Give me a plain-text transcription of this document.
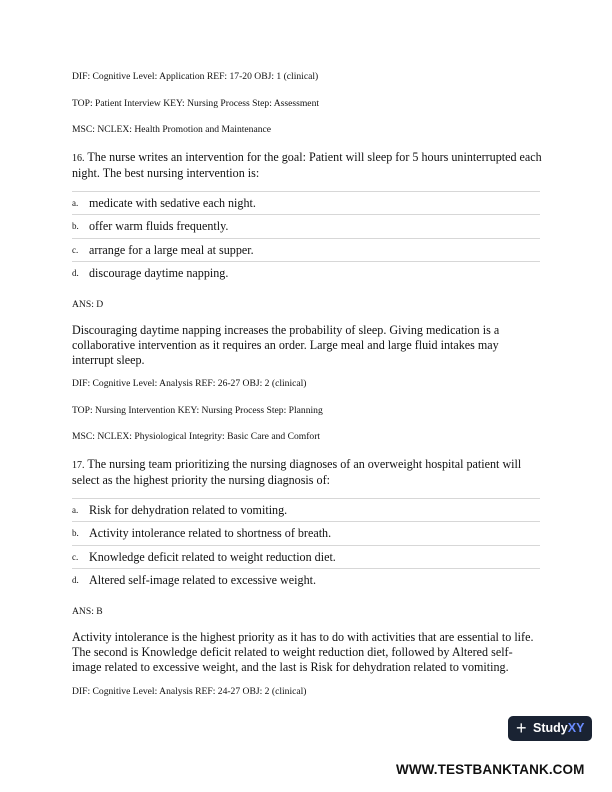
DIF: Cognitive Level: Application REF: 17-20 OBJ: 1 (clinical)
TOP: Patient Interview KEY: Nursing Process Step: Assessment
MSC: NCLEX: Health Promotion and Maintenance
16. The nurse writes an intervention for the goal: Patient will sleep for 5 hours uninterrupted each night. The best nursing intervention is:
a. medicate with sedative each night.
b. offer warm fluids frequently.
c. arrange for a large meal at supper.
d. discourage daytime napping.
ANS: D
Discouraging daytime napping increases the probability of sleep. Giving medication is a collaborative intervention as it requires an order. Large meal and large fluid intakes may interrupt sleep.
DIF: Cognitive Level: Analysis REF: 26-27 OBJ: 2 (clinical)
TOP: Nursing Intervention KEY: Nursing Process Step: Planning
MSC: NCLEX: Physiological Integrity: Basic Care and Comfort
17. The nursing team prioritizing the nursing diagnoses of an overweight hospital patient will select as the highest priority the nursing diagnosis of:
a. Risk for dehydration related to vomiting.
b. Activity intolerance related to shortness of breath.
c. Knowledge deficit related to weight reduction diet.
d. Altered self-image related to excessive weight.
ANS: B
Activity intolerance is the highest priority as it has to do with activities that are essential to life. The second is Knowledge deficit related to weight reduction diet, followed by Altered self-image related to excessive weight, and the last is Risk for dehydration related to vomiting.
DIF: Cognitive Level: Analysis REF: 24-27 OBJ: 2 (clinical)
+ StudyXY
WWW.TESTBANKTANK.COM
